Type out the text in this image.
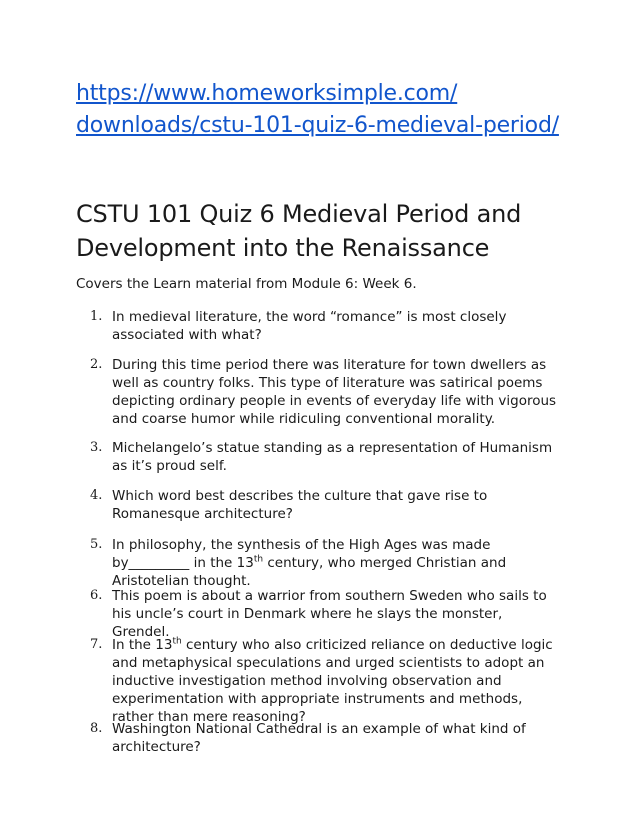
https://www.homeworksimple.com/
downloads/cstu-101-quiz-6-medieval-period/
CSTU 101 Quiz 6 Medieval Period and Development into the Renaissance

Covers the Learn material from Module 6: Week 6.

1. In medieval literature, the word “romance” is most closely associated with what?
2. During this time period there was literature for town dwellers as well as country folks. This type of literature was satirical poems depicting ordinary people in events of everyday life with vigorous and coarse humor while ridiculing conventional morality.
3. Michelangelo’s statue standing as a representation of Humanism as it’s proud self.
4. Which word best describes the culture that gave rise to Romanesque architecture?
5. In philosophy, the synthesis of the High Ages was made by_________ in the 13th century, who merged Christian and Aristotelian thought.
6. This poem is about a warrior from southern Sweden who sails to his uncle’s court in Denmark where he slays the monster, Grendel.
7. In the 13th century who also criticized reliance on deductive logic and metaphysical speculations and urged scientists to adopt an inductive investigation method involving observation and experimentation with appropriate instruments and methods, rather than mere reasoning?
8. Washington National Cathedral is an example of what kind of architecture?
